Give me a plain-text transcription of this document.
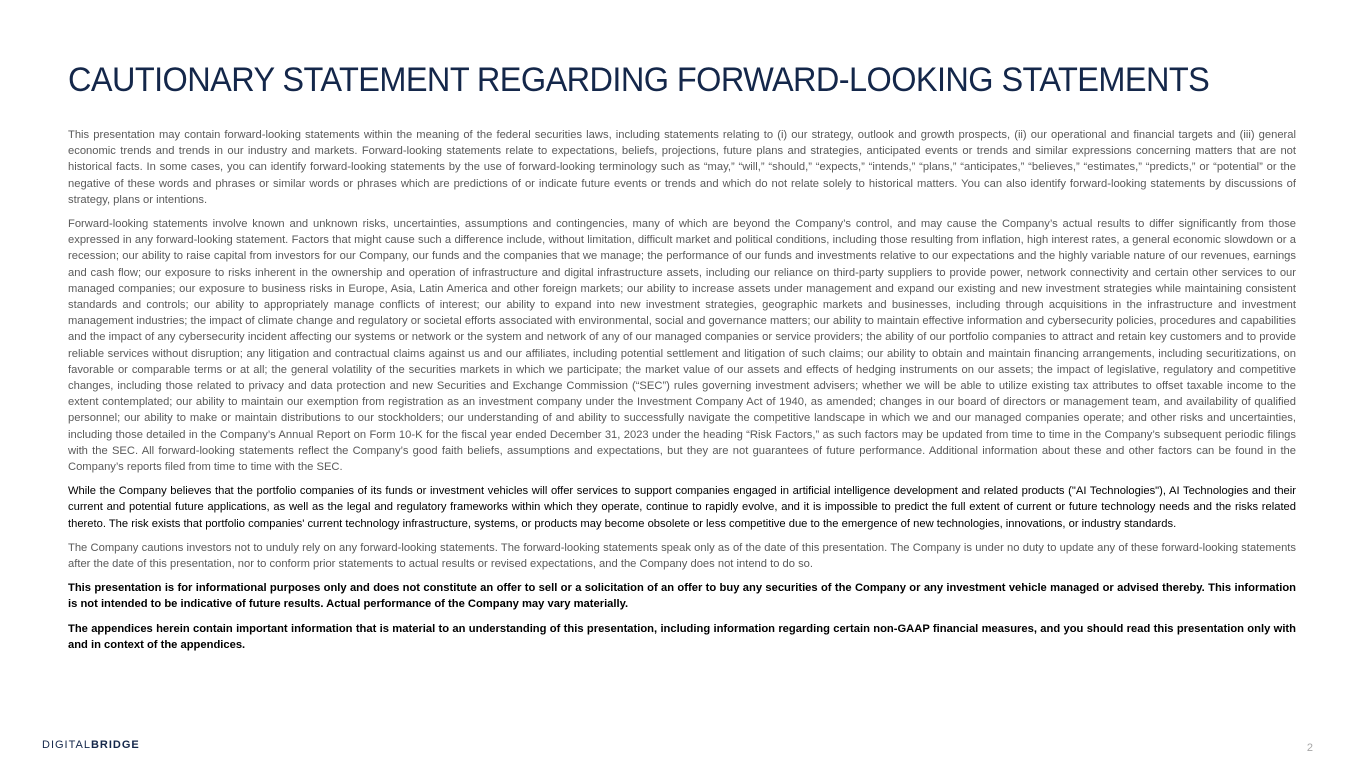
CAUTIONARY STATEMENT REGARDING FORWARD-LOOKING STATEMENTS

This presentation may contain forward-looking statements within the meaning of the federal securities laws, including statements relating to (i) our strategy, outlook and growth prospects, (ii) our operational and financial targets and (iii) general economic trends and trends in our industry and markets. Forward-looking statements relate to expectations, beliefs, projections, future plans and strategies, anticipated events or trends and similar expressions concerning matters that are not historical facts. In some cases, you can identify forward-looking statements by the use of forward-looking terminology such as “may,” “will,” “should,” “expects,” “intends,” “plans,” “anticipates,” “believes,” “estimates,” “predicts,” or “potential” or the negative of these words and phrases or similar words or phrases which are predictions of or indicate future events or trends and which do not relate solely to historical matters. You can also identify forward-looking statements by discussions of strategy, plans or intentions.

Forward-looking statements involve known and unknown risks, uncertainties, assumptions and contingencies, many of which are beyond the Company’s control, and may cause the Company’s actual results to differ significantly from those expressed in any forward-looking statement. Factors that might cause such a difference include, without limitation, difficult market and political conditions, including those resulting from inflation, high interest rates, a general economic slowdown or a recession; our ability to raise capital from investors for our Company, our funds and the companies that we manage; the performance of our funds and investments relative to our expectations and the highly variable nature of our revenues, earnings and cash flow; our exposure to risks inherent in the ownership and operation of infrastructure and digital infrastructure assets, including our reliance on third-party suppliers to provide power, network connectivity and certain other services to our managed companies; our exposure to business risks in Europe, Asia, Latin America and other foreign markets; our ability to increase assets under management and expand our existing and new investment strategies while maintaining consistent standards and controls; our ability to appropriately manage conflicts of interest; our ability to expand into new investment strategies, geographic markets and businesses, including through acquisitions in the infrastructure and investment management industries; the impact of climate change and regulatory or societal efforts associated with environmental, social and governance matters; our ability to maintain effective information and cybersecurity policies, procedures and capabilities and the impact of any cybersecurity incident affecting our systems or network or the system and network of any of our managed companies or service providers; the ability of our portfolio companies to attract and retain key customers and to provide reliable services without disruption; any litigation and contractual claims against us and our affiliates, including potential settlement and litigation of such claims; our ability to obtain and maintain financing arrangements, including securitizations, on favorable or comparable terms or at all; the general volatility of the securities markets in which we participate; the market value of our assets and effects of hedging instruments on our assets; the impact of legislative, regulatory and competitive changes, including those related to privacy and data protection and new Securities and Exchange Commission (“SEC”) rules governing investment advisers; whether we will be able to utilize existing tax attributes to offset taxable income to the extent contemplated; our ability to maintain our exemption from registration as an investment company under the Investment Company Act of 1940, as amended; changes in our board of directors or management team, and availability of qualified personnel; our ability to make or maintain distributions to our stockholders; our understanding of and ability to successfully navigate the competitive landscape in which we and our managed companies operate; and other risks and uncertainties, including those detailed in the Company’s Annual Report on Form 10-K for the fiscal year ended December 31, 2023 under the heading “Risk Factors,” as such factors may be updated from time to time in the Company’s subsequent periodic filings with the SEC. All forward-looking statements reflect the Company’s good faith beliefs, assumptions and expectations, but they are not guarantees of future performance. Additional information about these and other factors can be found in the Company’s reports filed from time to time with the SEC.

While the Company believes that the portfolio companies of its funds or investment vehicles will offer services to support companies engaged in artificial intelligence development and related products ("AI Technologies"), AI Technologies and their current and potential future applications, as well as the legal and regulatory frameworks within which they operate, continue to rapidly evolve, and it is impossible to predict the full extent of current or future technology needs and the risks related thereto. The risk exists that portfolio companies' current technology infrastructure, systems, or products may become obsolete or less competitive due to the emergence of new technologies, innovations, or industry standards.

The Company cautions investors not to unduly rely on any forward-looking statements. The forward-looking statements speak only as of the date of this presentation. The Company is under no duty to update any of these forward-looking statements after the date of this presentation, nor to conform prior statements to actual results or revised expectations, and the Company does not intend to do so.

This presentation is for informational purposes only and does not constitute an offer to sell or a solicitation of an offer to buy any securities of the Company or any investment vehicle managed or advised thereby. This information is not intended to be indicative of future results. Actual performance of the Company may vary materially.

The appendices herein contain important information that is material to an understanding of this presentation, including information regarding certain non-GAAP financial measures, and you should read this presentation only with and in context of the appendices.

DIGITALBRIDGE	2
